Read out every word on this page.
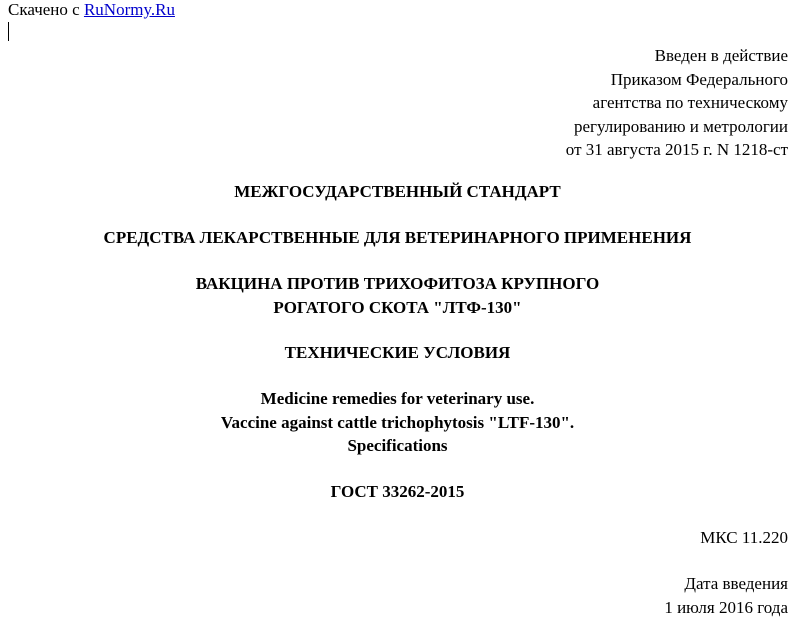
Скачено с RuNormy.Ru
Введен в действие
Приказом Федерального
агентства по техническому
регулированию и метрологии
от 31 августа 2015 г. N 1218-ст
МЕЖГОСУДАРСТВЕННЫЙ СТАНДАРТ
СРЕДСТВА ЛЕКАРСТВЕННЫЕ ДЛЯ ВЕТЕРИНАРНОГО ПРИМЕНЕНИЯ
ВАКЦИНА ПРОТИВ ТРИХОФИТОЗА КРУПНОГО
РОГАТОГО СКОТА "ЛТФ-130"
ТЕХНИЧЕСКИЕ УСЛОВИЯ
Medicine remedies for veterinary use.
Vaccine against cattle trichophytosis "LTF-130".
Specifications
ГОСТ 33262-2015
МКС 11.220
Дата введения
1 июля 2016 года
